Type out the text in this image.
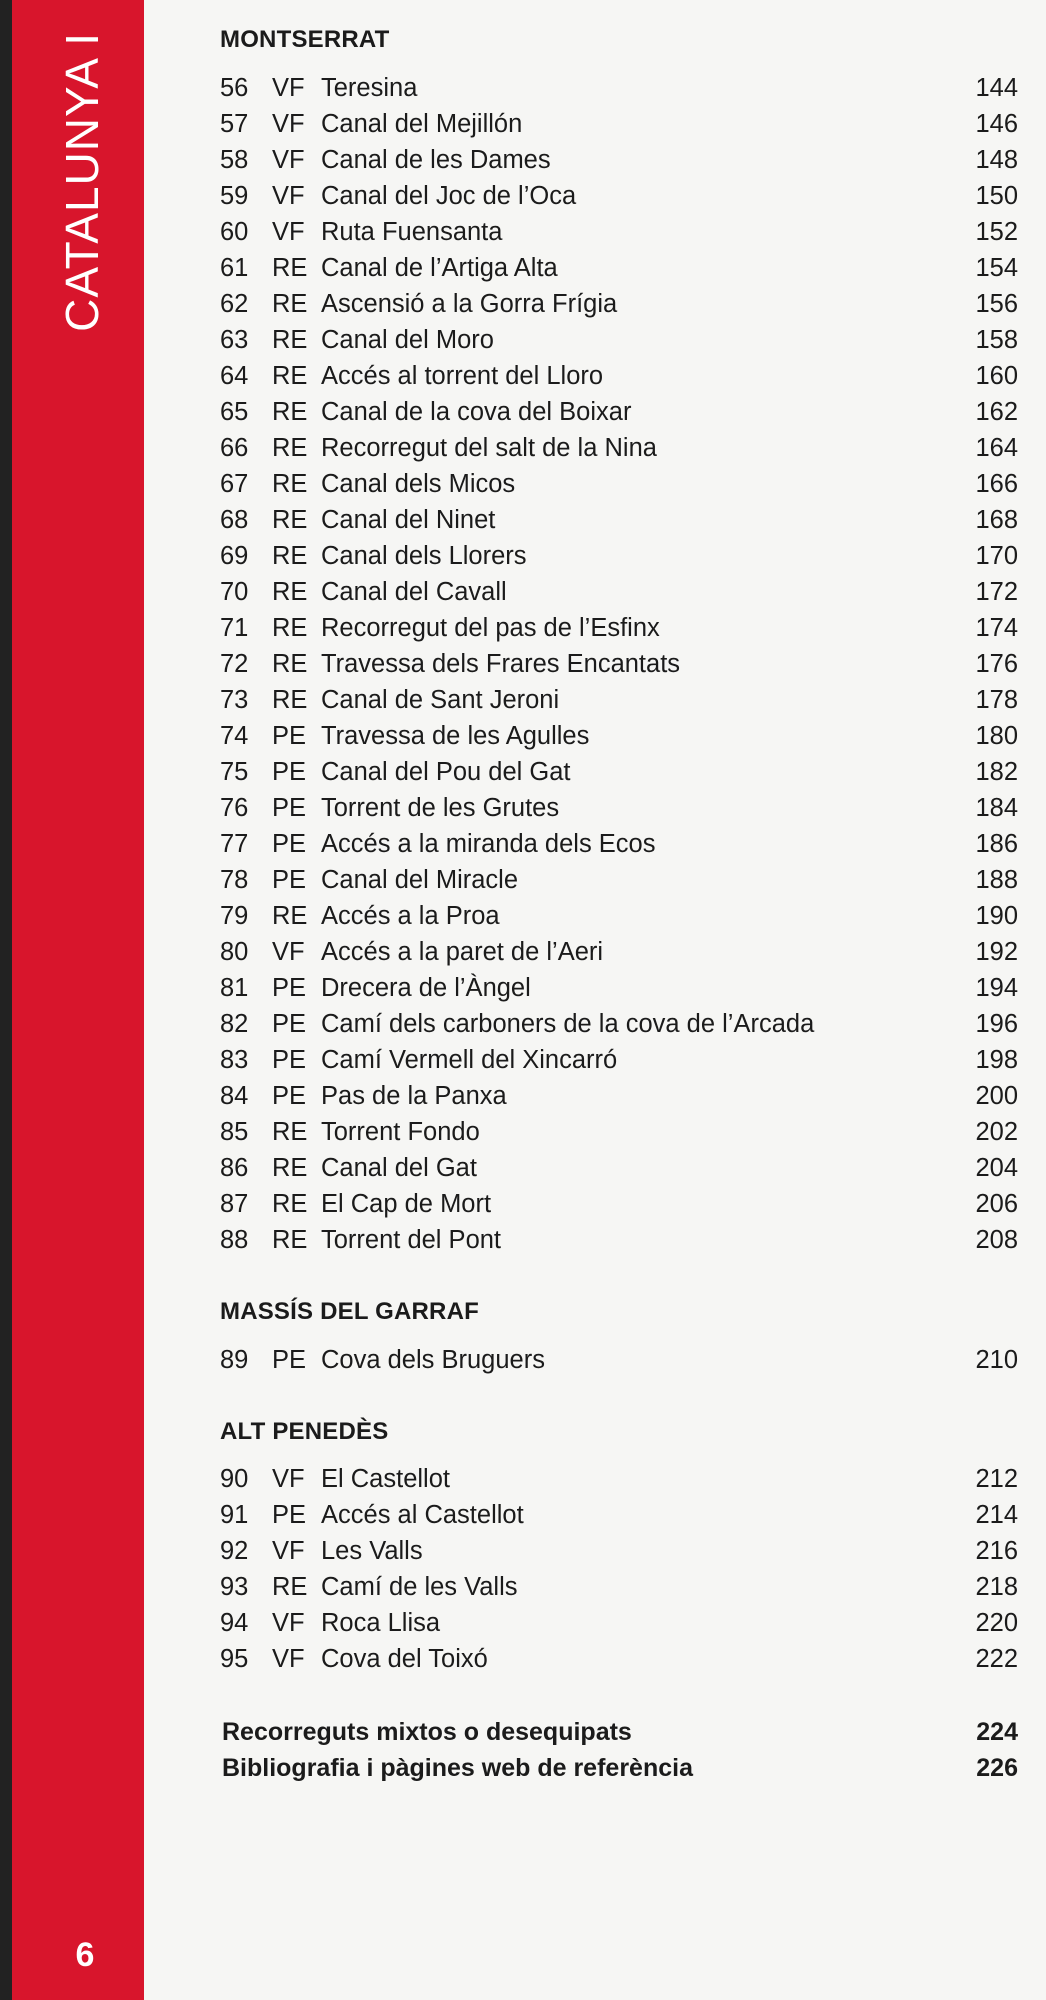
CATALUNYA I
6
MONTSERRAT
56 VF Teresina	144
57 VF Canal del Mejillón	146
58 VF Canal de les Dames	148
59 VF Canal del Joc de l’Oca	150
60 VF Ruta Fuensanta	152
61 RE Canal de l’Artiga Alta	154
62 RE Ascensió a la Gorra Frígia	156
63 RE Canal del Moro	158
64 RE Accés al torrent del Lloro	160
65 RE Canal de la cova del Boixar	162
66 RE Recorregut del salt de la Nina	164
67 RE Canal dels Micos	166
68 RE Canal del Ninet	168
69 RE Canal dels Llorers	170
70 RE Canal del Cavall	172
71 RE Recorregut del pas de l’Esfinx	174
72 RE Travessa dels Frares Encantats	176
73 RE Canal de Sant Jeroni	178
74 PE Travessa de les Agulles	180
75 PE Canal del Pou del Gat	182
76 PE Torrent de les Grutes	184
77 PE Accés a la miranda dels Ecos	186
78 PE Canal del Miracle	188
79 RE Accés a la Proa	190
80 VF Accés a la paret de l’Aeri	192
81 PE Drecera de l’Àngel	194
82 PE Camí dels carboners de la cova de l’Arcada	196
83 PE Camí Vermell del Xincarró	198
84 PE Pas de la Panxa	200
85 RE Torrent Fondo	202
86 RE Canal del Gat	204
87 RE El Cap de Mort	206
88 RE Torrent del Pont	208
MASSÍS DEL GARRAF
89 PE Cova dels Bruguers	210
ALT PENEDÈS
90 VF El Castellot	212
91 PE Accés al Castellot	214
92 VF Les Valls	216
93 RE Camí de les Valls	218
94 VF Roca Llisa	220
95 VF Cova del Toixó	222
Recorreguts mixtos o desequipats	224
Bibliografia i pàgines web de referència	226
